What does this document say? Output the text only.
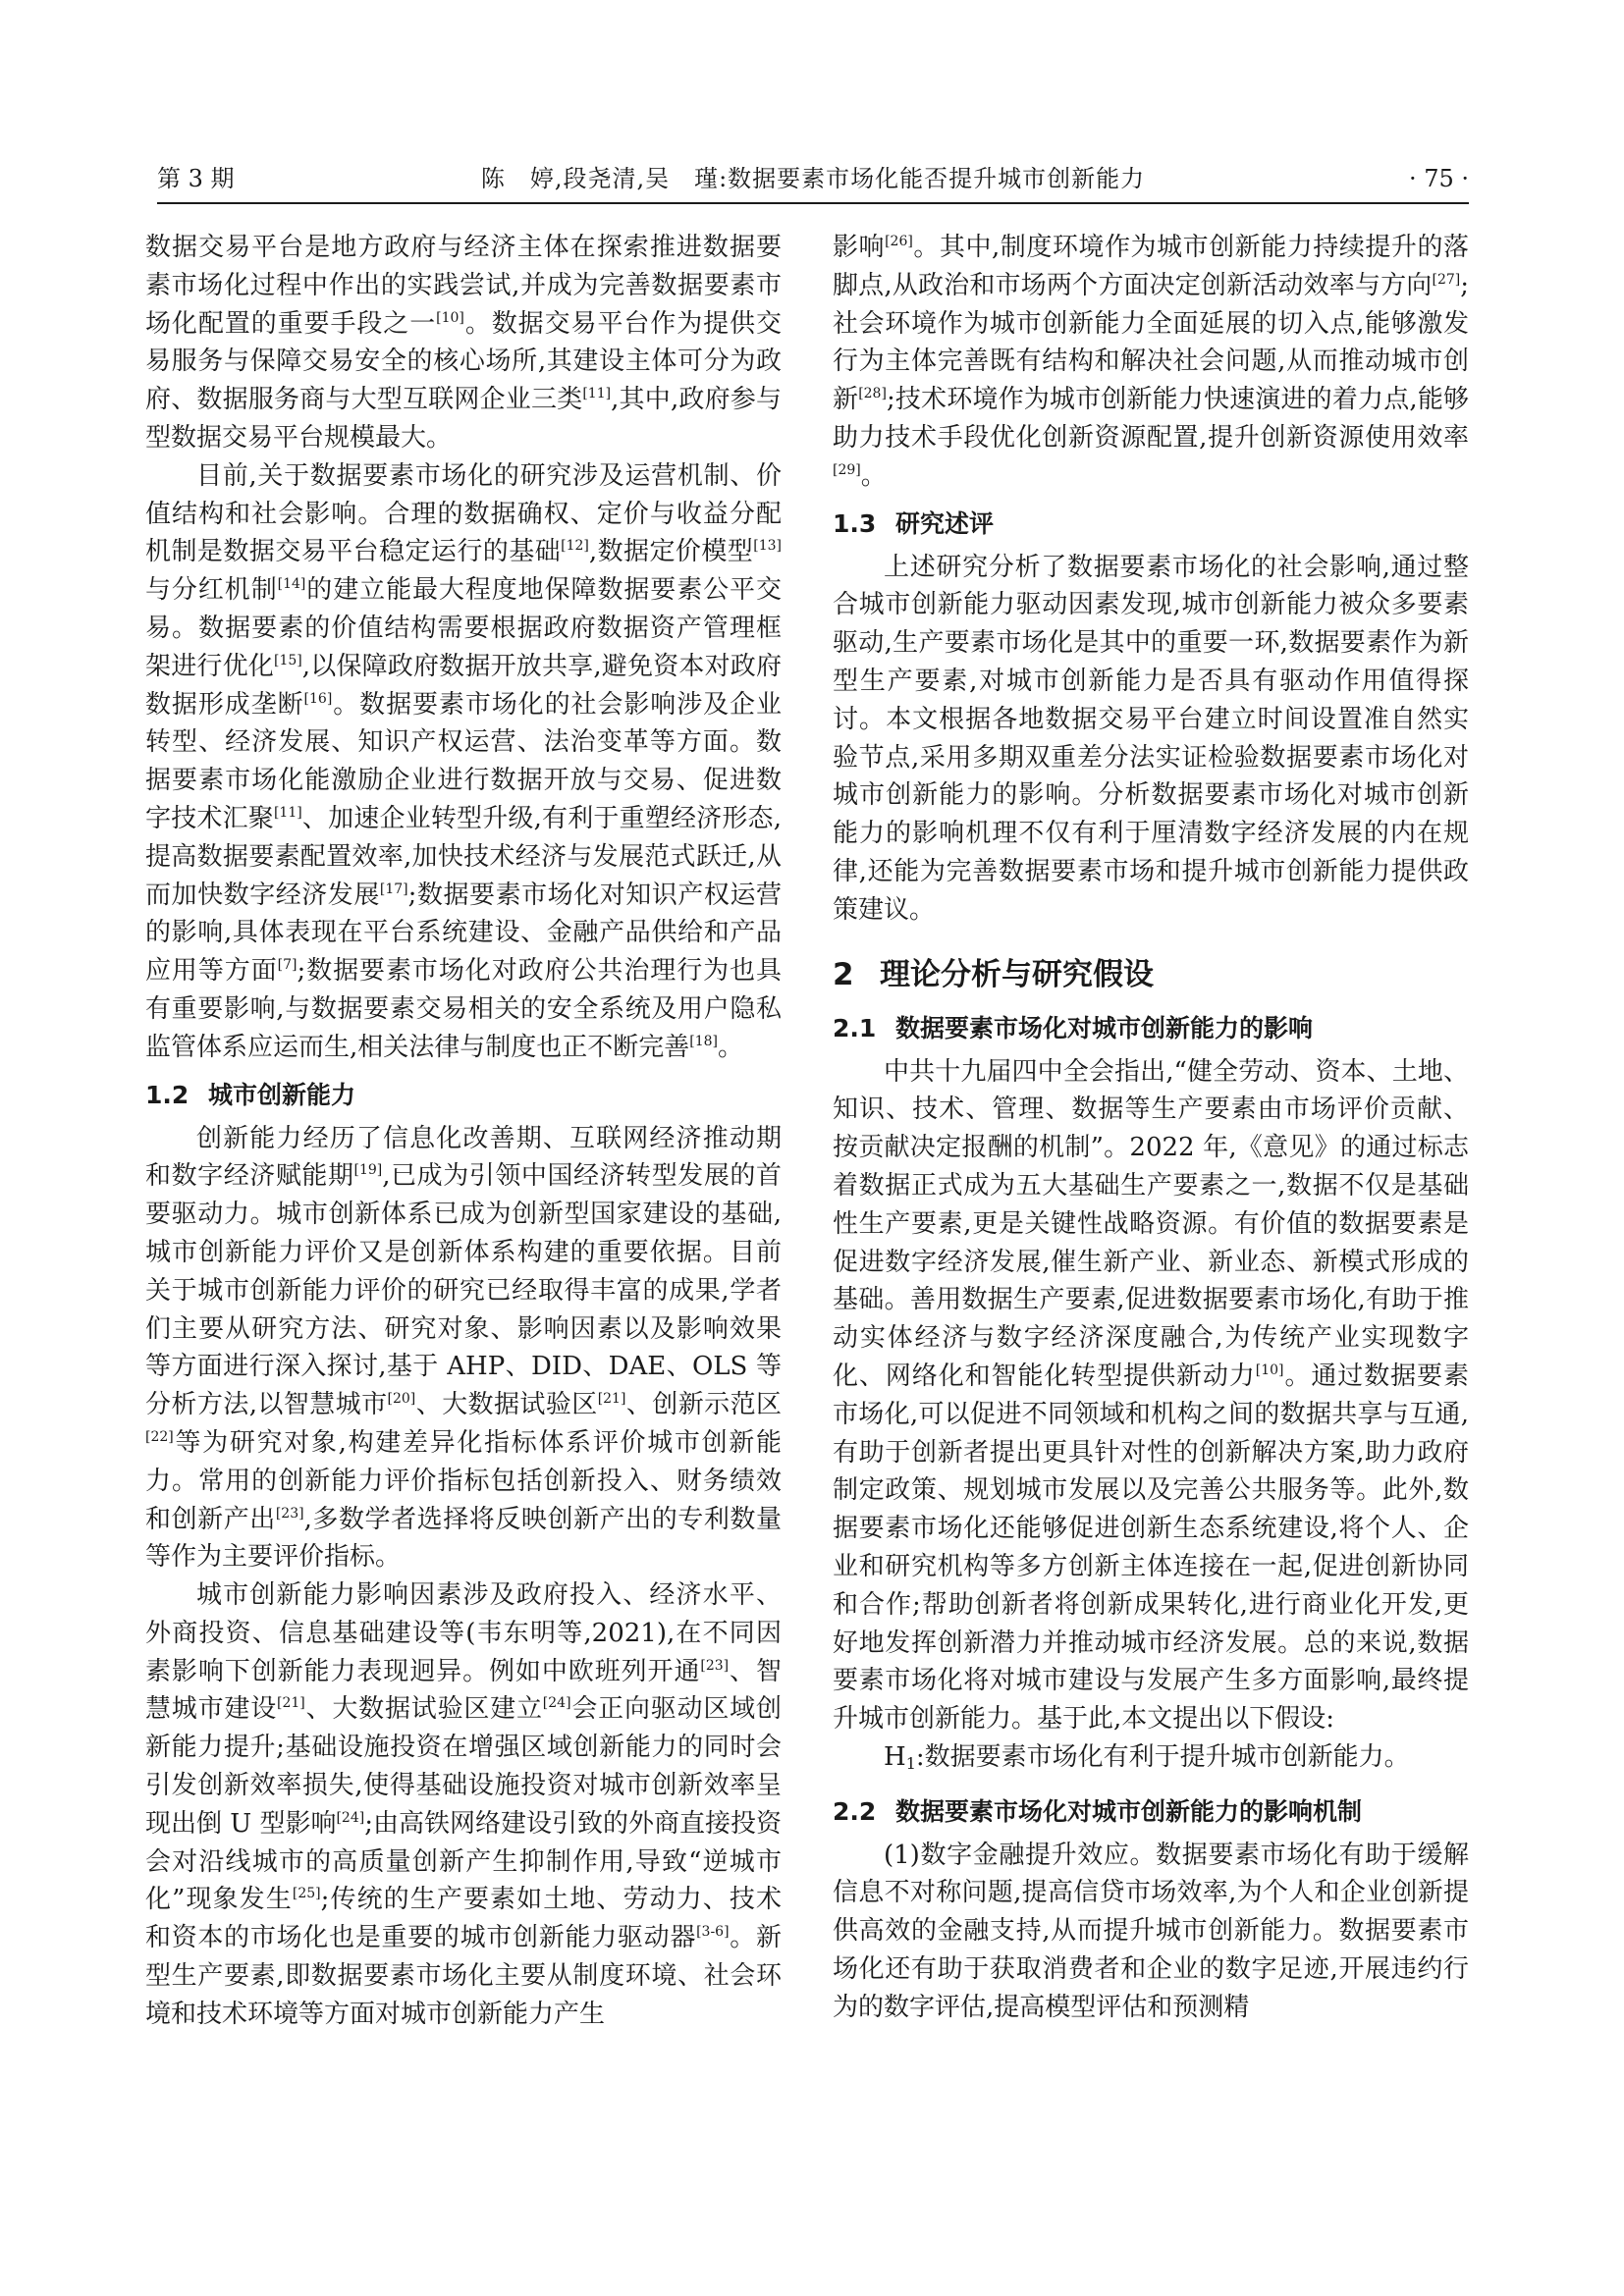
第 3 期	陈　婷,段尧清,吴　瑾:数据要素市场化能否提升城市创新能力	· 75 ·

数据交易平台是地方政府与经济主体在探索推进数据要素市场化过程中作出的实践尝试,并成为完善数据要素市场化配置的重要手段之一[10]。数据交易平台作为提供交易服务与保障交易安全的核心场所,其建设主体可分为政府、数据服务商与大型互联网企业三类[11],其中,政府参与型数据交易平台规模最大。

目前,关于数据要素市场化的研究涉及运营机制、价值结构和社会影响。合理的数据确权、定价与收益分配机制是数据交易平台稳定运行的基础[12],数据定价模型[13]与分红机制[14]的建立能最大程度地保障数据要素公平交易。数据要素的价值结构需要根据政府数据资产管理框架进行优化[15],以保障政府数据开放共享,避免资本对政府数据形成垄断[16]。数据要素市场化的社会影响涉及企业转型、经济发展、知识产权运营、法治变革等方面。数据要素市场化能激励企业进行数据开放与交易、促进数字技术汇聚[11]、加速企业转型升级,有利于重塑经济形态,提高数据要素配置效率,加快技术经济与发展范式跃迁,从而加快数字经济发展[17];数据要素市场化对知识产权运营的影响,具体表现在平台系统建设、金融产品供给和产品应用等方面[7];数据要素市场化对政府公共治理行为也具有重要影响,与数据要素交易相关的安全系统及用户隐私监管体系应运而生,相关法律与制度也正不断完善[18]。

1.2 城市创新能力

创新能力经历了信息化改善期、互联网经济推动期和数字经济赋能期[19],已成为引领中国经济转型发展的首要驱动力。城市创新体系已成为创新型国家建设的基础,城市创新能力评价又是创新体系构建的重要依据。目前关于城市创新能力评价的研究已经取得丰富的成果,学者们主要从研究方法、研究对象、影响因素以及影响效果等方面进行深入探讨,基于 AHP、DID、DAE、OLS 等分析方法,以智慧城市[20]、大数据试验区[21]、创新示范区[22]等为研究对象,构建差异化指标体系评价城市创新能力。常用的创新能力评价指标包括创新投入、财务绩效和创新产出[23],多数学者选择将反映创新产出的专利数量等作为主要评价指标。

城市创新能力影响因素涉及政府投入、经济水平、外商投资、信息基础建设等(韦东明等,2021),在不同因素影响下创新能力表现迥异。例如中欧班列开通[23]、智慧城市建设[21]、大数据试验区建立[24]会正向驱动区域创新能力提升;基础设施投资在增强区域创新能力的同时会引发创新效率损失,使得基础设施投资对城市创新效率呈现出倒 U 型影响[24];由高铁网络建设引致的外商直接投资会对沿线城市的高质量创新产生抑制作用,导致“逆城市化”现象发生[25];传统的生产要素如土地、劳动力、技术和资本的市场化也是重要的城市创新能力驱动器[3-6]。新型生产要素,即数据要素市场化主要从制度环境、社会环境和技术环境等方面对城市创新能力产生

影响[26]。其中,制度环境作为城市创新能力持续提升的落脚点,从政治和市场两个方面决定创新活动效率与方向[27];社会环境作为城市创新能力全面延展的切入点,能够激发行为主体完善既有结构和解决社会问题,从而推动城市创新[28];技术环境作为城市创新能力快速演进的着力点,能够助力技术手段优化创新资源配置,提升创新资源使用效率[29]。

1.3 研究述评

上述研究分析了数据要素市场化的社会影响,通过整合城市创新能力驱动因素发现,城市创新能力被众多要素驱动,生产要素市场化是其中的重要一环,数据要素作为新型生产要素,对城市创新能力是否具有驱动作用值得探讨。本文根据各地数据交易平台建立时间设置准自然实验节点,采用多期双重差分法实证检验数据要素市场化对城市创新能力的影响。分析数据要素市场化对城市创新能力的影响机理不仅有利于厘清数字经济发展的内在规律,还能为完善数据要素市场和提升城市创新能力提供政策建议。

2 理论分析与研究假设
2.1 数据要素市场化对城市创新能力的影响

中共十九届四中全会指出,“健全劳动、资本、土地、知识、技术、管理、数据等生产要素由市场评价贡献、按贡献决定报酬的机制”。2022 年,《意见》的通过标志着数据正式成为五大基础生产要素之一,数据不仅是基础性生产要素,更是关键性战略资源。有价值的数据要素是促进数字经济发展,催生新产业、新业态、新模式形成的基础。善用数据生产要素,促进数据要素市场化,有助于推动实体经济与数字经济深度融合,为传统产业实现数字化、网络化和智能化转型提供新动力[10]。通过数据要素市场化,可以促进不同领域和机构之间的数据共享与互通,有助于创新者提出更具针对性的创新解决方案,助力政府制定政策、规划城市发展以及完善公共服务等。此外,数据要素市场化还能够促进创新生态系统建设,将个人、企业和研究机构等多方创新主体连接在一起,促进创新协同和合作;帮助创新者将创新成果转化,进行商业化开发,更好地发挥创新潜力并推动城市经济发展。总的来说,数据要素市场化将对城市建设与发展产生多方面影响,最终提升城市创新能力。基于此,本文提出以下假设:

$H_1$:数据要素市场化有利于提升城市创新能力。

2.2 数据要素市场化对城市创新能力的影响机制

(1)数字金融提升效应。数据要素市场化有助于缓解信息不对称问题,提高信贷市场效率,为个人和企业创新提供高效的金融支持,从而提升城市创新能力。数据要素市场化还有助于获取消费者和企业的数字足迹,开展违约行为的数字评估,提高模型评估和预测精
